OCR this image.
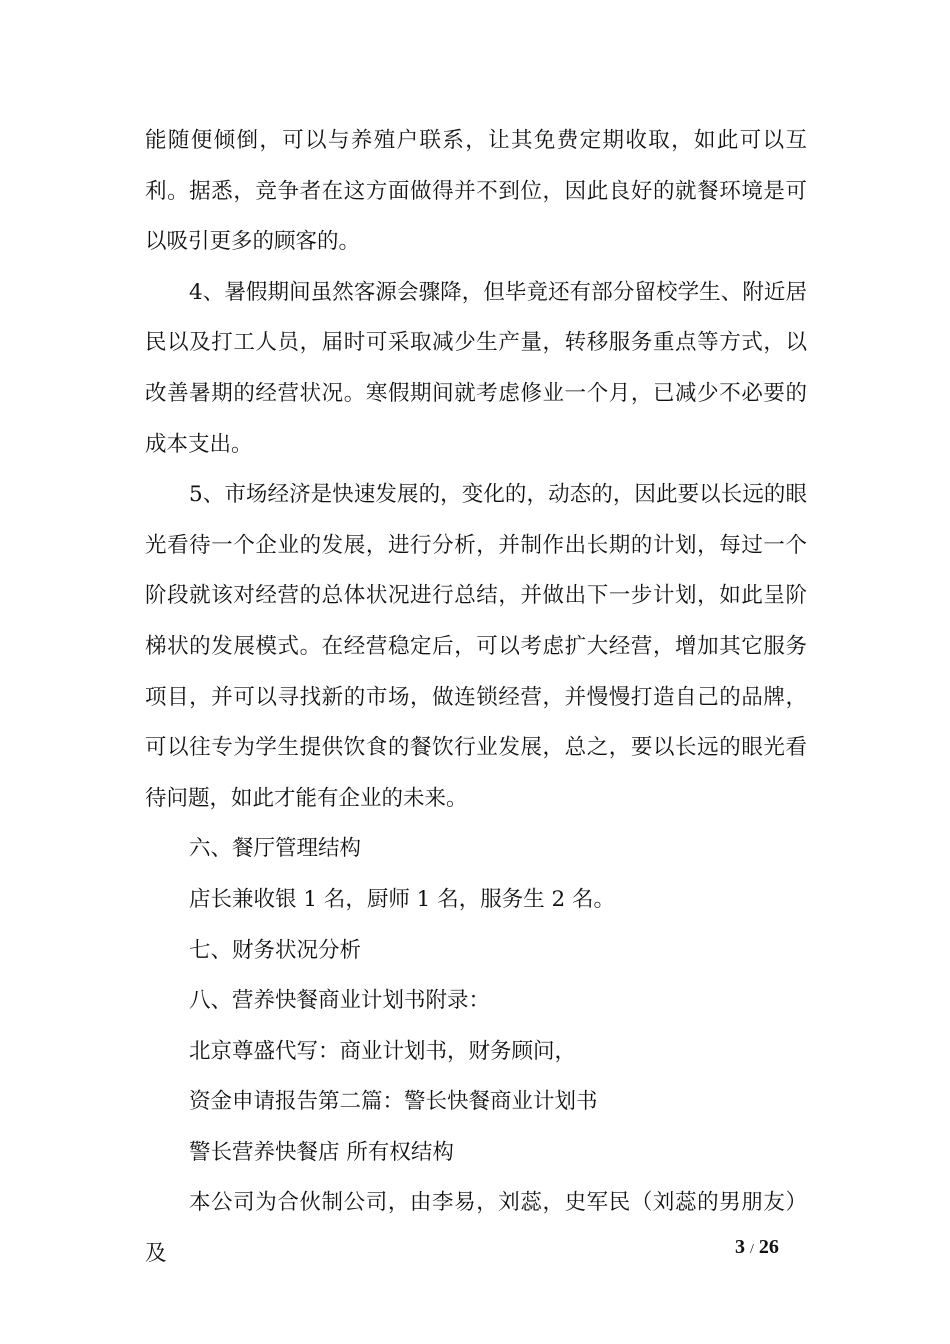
能随便倾倒，可以与养殖户联系，让其免费定期收取，如此可以互利。据悉，竞争者在这方面做得并不到位，因此良好的就餐环境是可以吸引更多的顾客的。

4、暑假期间虽然客源会骤降，但毕竟还有部分留校学生、附近居民以及打工人员，届时可采取减少生产量，转移服务重点等方式，以改善暑期的经营状况。寒假期间就考虑修业一个月，已减少不必要的成本支出。

5、市场经济是快速发展的，变化的，动态的，因此要以长远的眼光看待一个企业的发展，进行分析，并制作出长期的计划，每过一个阶段就该对经营的总体状况进行总结，并做出下一步计划，如此呈阶梯状的发展模式。在经营稳定后，可以考虑扩大经营，增加其它服务项目，并可以寻找新的市场，做连锁经营，并慢慢打造自己的品牌，可以往专为学生提供饮食的餐饮行业发展，总之，要以长远的眼光看待问题，如此才能有企业的未来。

六、餐厅管理结构

店长兼收银 1 名，厨师 1 名，服务生 2 名。

七、财务状况分析

八、营养快餐商业计划书附录：

北京尊盛代写：商业计划书，财务顾问，

资金申请报告第二篇：警长快餐商业计划书

警长营养快餐店 所有权结构

本公司为合伙制公司，由李易，刘蕊，史军民（刘蕊的男朋友）及	3 / 26
